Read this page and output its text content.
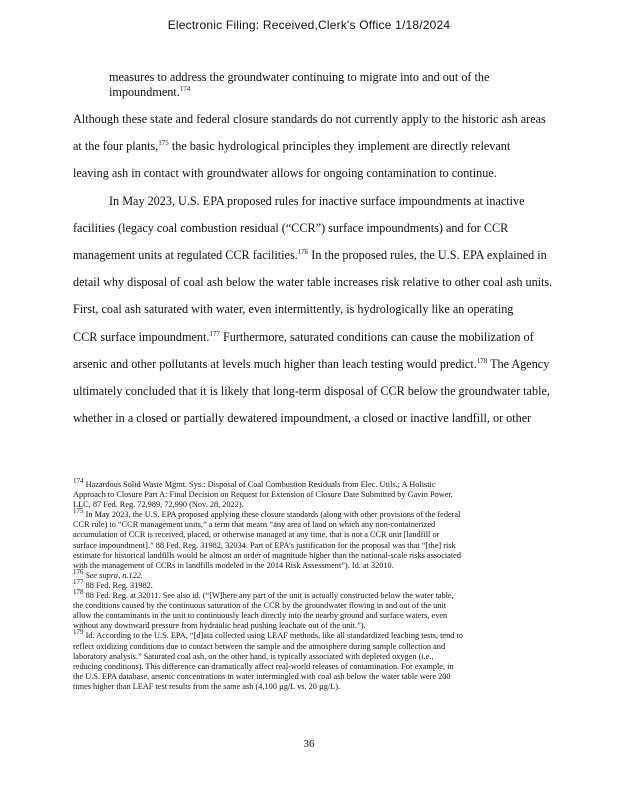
Electronic Filing: Received,Clerk's Office 1/18/2024
measures to address the groundwater continuing to migrate into and out of the
impoundment.$^{174}$
Although these state and federal closure standards do not currently apply to the historic ash areas
at the four plants,$^{175}$ the basic hydrological principles they implement are directly relevant
leaving ash in contact with groundwater allows for ongoing contamination to continue.
In May 2023, U.S. EPA proposed rules for inactive surface impoundments at inactive
facilities (legacy coal combustion residual (“CCR”) surface impoundments) and for CCR
management units at regulated CCR facilities.$^{176}$ In the proposed rules, the U.S. EPA explained in
detail why disposal of coal ash below the water table increases risk relative to other coal ash units.
First, coal ash saturated with water, even intermittently, is hydrologically like an operating
CCR surface impoundment.$^{177}$ Furthermore, saturated conditions can cause the mobilization of
arsenic and other pollutants at levels much higher than leach testing would predict.$^{178}$ The Agency
ultimately concluded that it is likely that long-term disposal of CCR below the groundwater table,
whether in a closed or partially dewatered impoundment, a closed or inactive landfill, or other
$^{174}$ Hazardous Solid Waste Mgmt. Sys.: Disposal of Coal Combustion Residuals from Elec. Utils.; A Holistic
Approach to Closure Part A: Final Decision on Request for Extension of Closure Date Submitted by Gavin Power,
LLC, 87 Fed. Reg. 72,989, 72,990 (Nov. 28, 2022).
$^{175}$ In May 2023, the U.S. EPA proposed applying these closure standards (along with other provisions of the federal
CCR rule) to “CCR management units,” a term that means “any area of land on which any non-containerized
accumulation of CCR is received, placed, or otherwise managed at any time, that is not a CCR unit [landfill or
surface impoundment].” 88 Fed. Reg. 31982, 32034. Part of EPA’s justification for the proposal was that “[the] risk
estimate for historical landfills would be almost an order of magnitude higher than the national-scale risks associated
with the management of CCRs in landfills modeled in the 2014 Risk Assessment”). Id. at 32010.
$^{176}$ See supra, n.122.
$^{177}$ 88 Fed. Reg. 31982.
$^{178}$ 88 Fed. Reg. at 32011. See also id. (“[W]here any part of the unit is actually constructed below the water table,
the conditions caused by the continuous saturation of the CCR by the groundwater flowing in and out of the unit
allow the contaminants in the unit to continuously leach directly into the nearby ground and surface waters, even
without any downward pressure from hydraulic head pushing leachate out of the unit.”).
$^{179}$ Id. According to the U.S. EPA, “[d]ata collected using LEAF methods, like all standardized leaching tests, tend to
reflect oxidizing conditions due to contact between the sample and the atmosphere during sample collection and
laboratory analysis.” Saturated coal ash, on the other hand, is typically associated with depleted oxygen (i.e.,
reducing conditions). This difference can dramatically affect real-world releases of contamination. For example, in
the U.S. EPA database, arsenic concentrations in water intermingled with coal ash below the water table were 200
times higher than LEAF test results from the same ash (4,100 µg/L vs. 20 µg/L).
36
